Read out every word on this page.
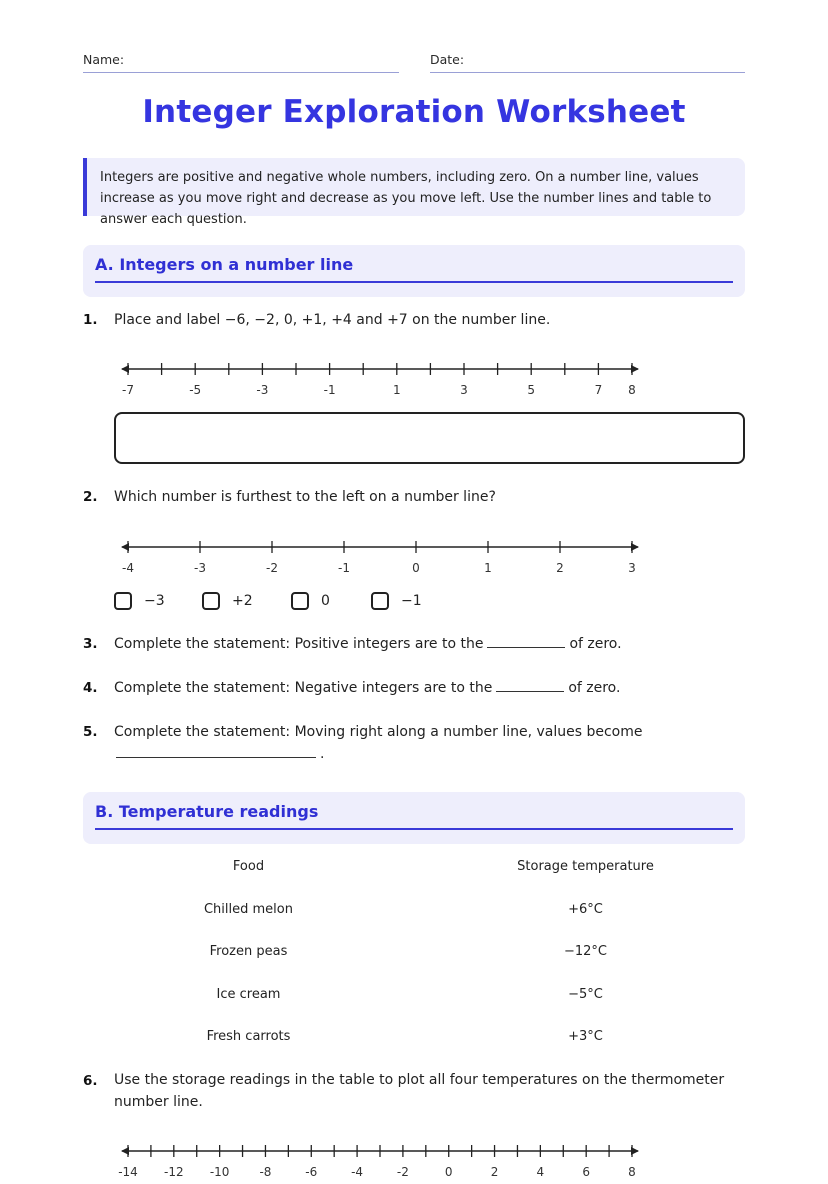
Name:	Date:
Integer Exploration Worksheet
Integers are positive and negative whole numbers, including zero. On a number line, values increase as you move right and decrease as you move left. Use the number lines and table to answer each question.
A. Integers on a number line
1. Place and label −6, −2, 0, +1, +4 and +7 on the number line.
-7	-5	-3	-1	1	3	5	7 8
2. Which number is furthest to the left on a number line?
-4	-3	-2	-1	0	1	2	3
−3	+2	0	−1
3. Complete the statement: Positive integers are to the	of zero.
4. Complete the statement: Negative integers are to the	of zero.
5. Complete the statement: Moving right along a number line, values become
.
B. Temperature readings
Food	Storage temperature
Chilled melon	+6°C
Frozen peas	−12°C
Ice cream	−5°C
Fresh carrots	+3°C
6. Use the storage readings in the table to plot all four temperatures on the thermometer number line.
-14 -12 -10	-8	-6	-4	-2	0	2	4	6	8
